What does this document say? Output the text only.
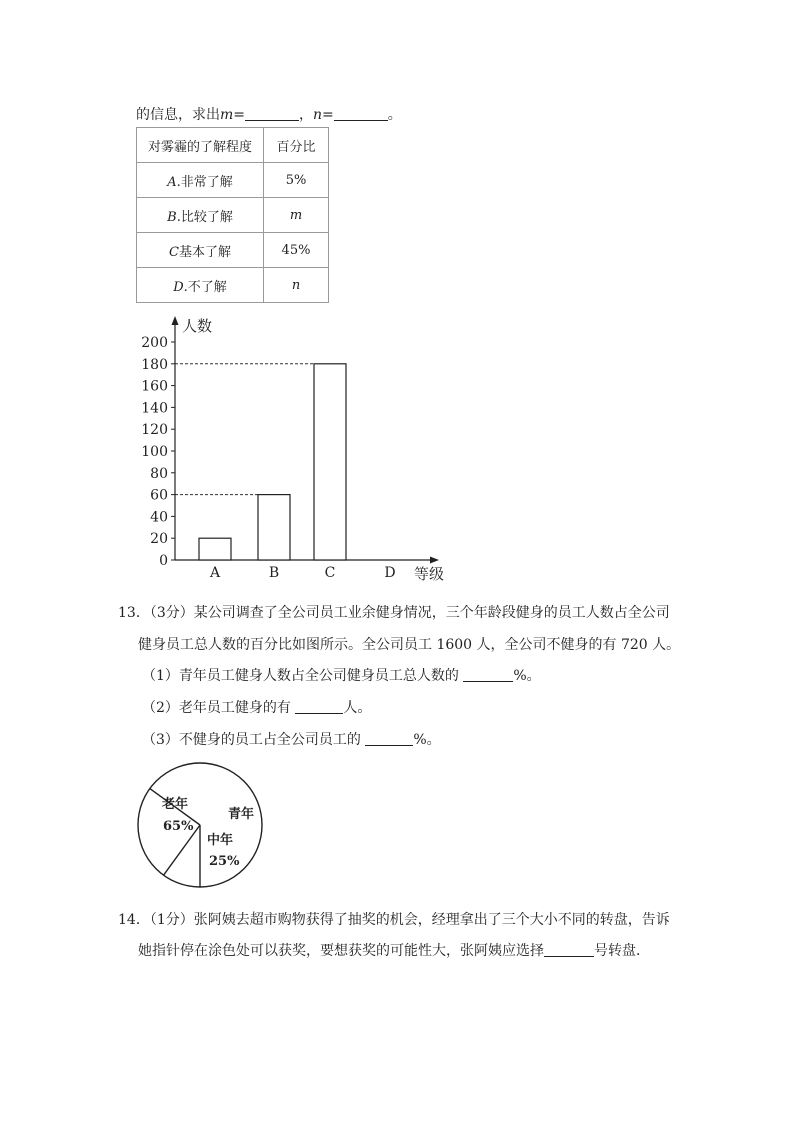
的信息，求出m=	，n=	。
对雾霾的了解程度	百分比
A.非常了解	5%
B.比较了解	m
C基本了解	45%
D.不了解	n
0
20
40
60
80
100
120
140
160
180
200
A	B	C	D
人数
等级
13．（3分）某公司调查了全公司员工业余健身情况，三个年龄段健身的员工人数占全公司
健身员工总人数的百分比如图所示。全公司员工 1600 人，全公司不健身的有 720 人。
（1）青年员工健身人数占全公司健身员工总人数的	%。
（2）老年员工健身的有	人。
（3）不健身的员工占全公司员工的	%。
老年
65%
青年
中年
25%
14．（1分）张阿姨去超市购物获得了抽奖的机会，经理拿出了三个大小不同的转盘，告诉
她指针停在涂色处可以获奖，要想获奖的可能性大，张阿姨应选择	号转盘．
